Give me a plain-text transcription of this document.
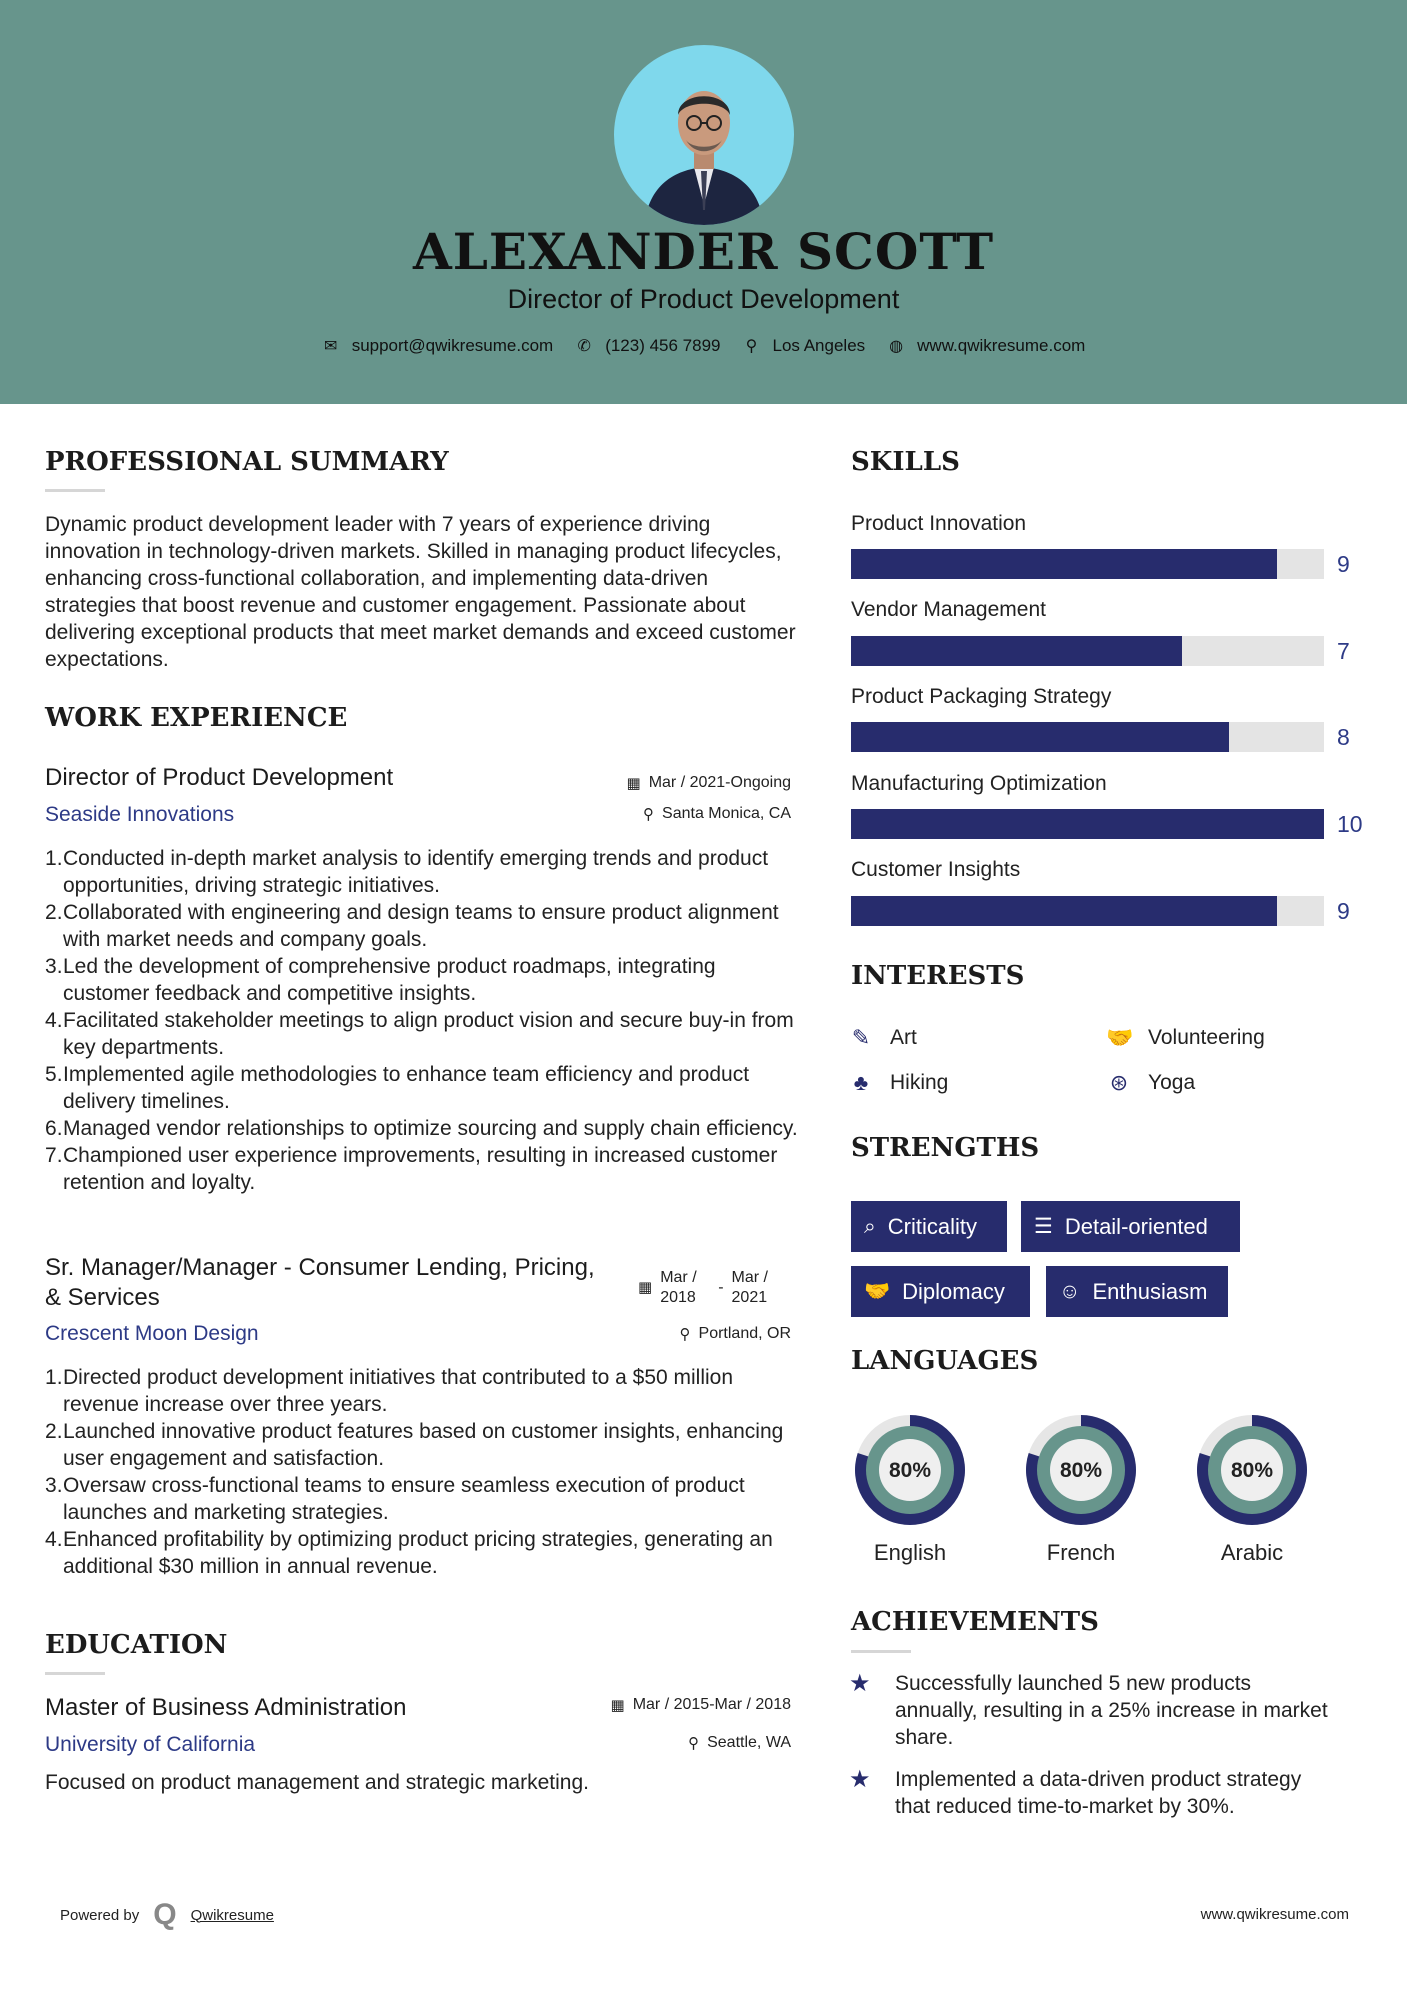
ALEXANDER SCOTT
Director of Product Development
✉ support@qwikresume.com ✆ (123) 456 7899 ⚲ Los Angeles ◍ www.qwikresume.com
PROFESSIONAL SUMMARY
Dynamic product development leader with 7 years of experience driving innovation in technology-driven markets. Skilled in managing product lifecycles, enhancing cross-functional collaboration, and implementing data-driven strategies that boost revenue and customer engagement. Passionate about delivering exceptional products that meet market demands and exceed customer expectations.
WORK EXPERIENCE
Director of Product Development	▦ Mar / 2021-Ongoing
Seaside Innovations	⚲ Santa Monica, CA
Conducted in-depth market analysis to identify emerging trends and product opportunities, driving strategic initiatives.
Collaborated with engineering and design teams to ensure product alignment with market needs and company goals.
Led the development of comprehensive product roadmaps, integrating customer feedback and competitive insights.
Facilitated stakeholder meetings to align product vision and secure buy-in from key departments.
Implemented agile methodologies to enhance team efficiency and product delivery timelines.
Managed vendor relationships to optimize sourcing and supply chain efficiency.
Championed user experience improvements, resulting in increased customer retention and loyalty.
Sr. Manager/Manager - Consumer Lending, Pricing, & Services	▦
Mar / 2018
-
Mar / 2021
Crescent Moon Design	⚲ Portland, OR
Directed product development initiatives that contributed to a $50 million revenue increase over three years.
Launched innovative product features based on customer insights, enhancing user engagement and satisfaction.
Oversaw cross-functional teams to ensure seamless execution of product launches and marketing strategies.
Enhanced profitability by optimizing product pricing strategies, generating an additional $30 million in annual revenue.
EDUCATION
Master of Business Administration	▦ Mar / 2015-Mar / 2018
University of California	⚲ Seattle, WA
Focused on product management and strategic marketing.
SKILLS
Product Innovation
9
Vendor Management
7
Product Packaging Strategy
8
Manufacturing Optimization
10
Customer Insights
9
INTERESTS
✎ Art	🤝 Volunteering
♣ Hiking	⊛ Yoga
STRENGTHS
⌕ Criticality	☰ Detail-oriented
🤝 Diplomacy	☺ Enthusiasm
LANGUAGES
80%
English
80%
French
80%
Arabic
ACHIEVEMENTS
★	Successfully launched 5 new products annually, resulting in a 25% increase in market share.
★	Implemented a data-driven product strategy that reduced time-to-market by 30%.
Powered by Q Qwikresume	www.qwikresume.com
